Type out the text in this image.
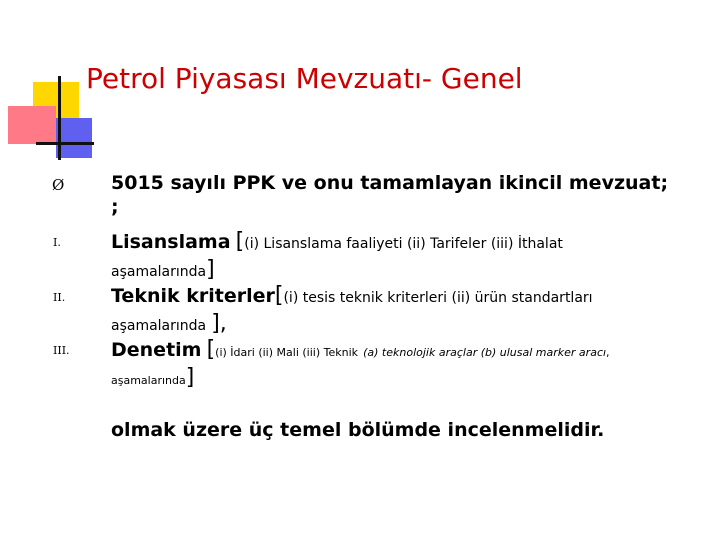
Petrol Piyasası Mevzuatı- Genel
Ø 5015 sayılı PPK ve onu tamamlayan ikincil mevzuat; ;
I.	Lisanslama [(i) Lisanslama faaliyeti (ii) Tarifeler (iii) İthalat aşamalarında]
II. Teknik kriterler[(i) tesis teknik kriterleri (ii) ürün standartları aşamalarında ],
III. Denetim [(i) İdari (ii) Mali (iii) Teknik (a) teknolojik araçlar (b) ulusal marker aracı, aşamalarında]
olmak üzere üç temel bölümde incelenmelidir.
